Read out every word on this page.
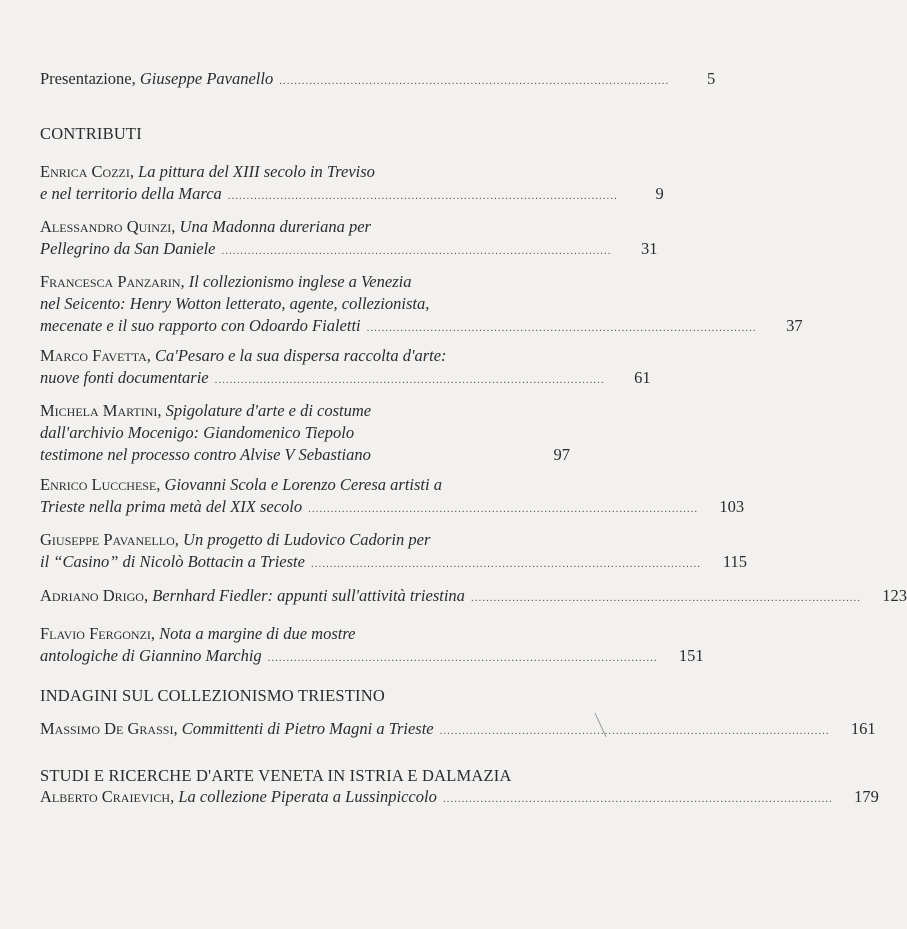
Presentazione, Giuseppe Pavanello ........................................................................................................	5
CONTRIBUTI
Enrica Cozzi, La pittura del XIII secolo in Treviso
e nel territorio della Marca ........................................................................................................	9
Alessandro Quinzi, Una Madonna dureriana per
Pellegrino da San Daniele ........................................................................................................	31
Francesca Panzarin, Il collezionismo inglese a Venezia
nel Seicento: Henry Wotton letterato, agente, collezionista,
mecenate e il suo rapporto con Odoardo Fialetti ........................................................................................................	37
Marco Favetta, Ca'Pesaro e la sua dispersa raccolta d'arte:
nuove fonti documentarie ........................................................................................................	61
Michela Martini, Spigolature d'arte e di costume
dall'archivio Mocenigo: Giandomenico Tiepolo
testimone nel processo contro Alvise V Sebastiano	97
Enrico Lucchese, Giovanni Scola e Lorenzo Ceresa artisti a
Trieste nella prima metà del XIX secolo ........................................................................................................	103
Giuseppe Pavanello, Un progetto di Ludovico Cadorin per
il “Casino” di Nicolò Bottacin a Trieste ........................................................................................................	115
Adriano Drigo, Bernhard Fiedler: appunti sull'attività triestina ........................................................................................................	123
Flavio Fergonzi, Nota a margine di due mostre
antologiche di Giannino Marchig ........................................................................................................	151
INDAGINI SUL COLLEZIONISMO TRIESTINO
Massimo De Grassi, Committenti di Pietro Magni a Trieste ........................................................................................................	161
STUDI E RICERCHE D'ARTE VENETA IN ISTRIA E DALMAZIA
Alberto Craievich, La collezione Piperata a Lussinpiccolo ........................................................................................................	179
